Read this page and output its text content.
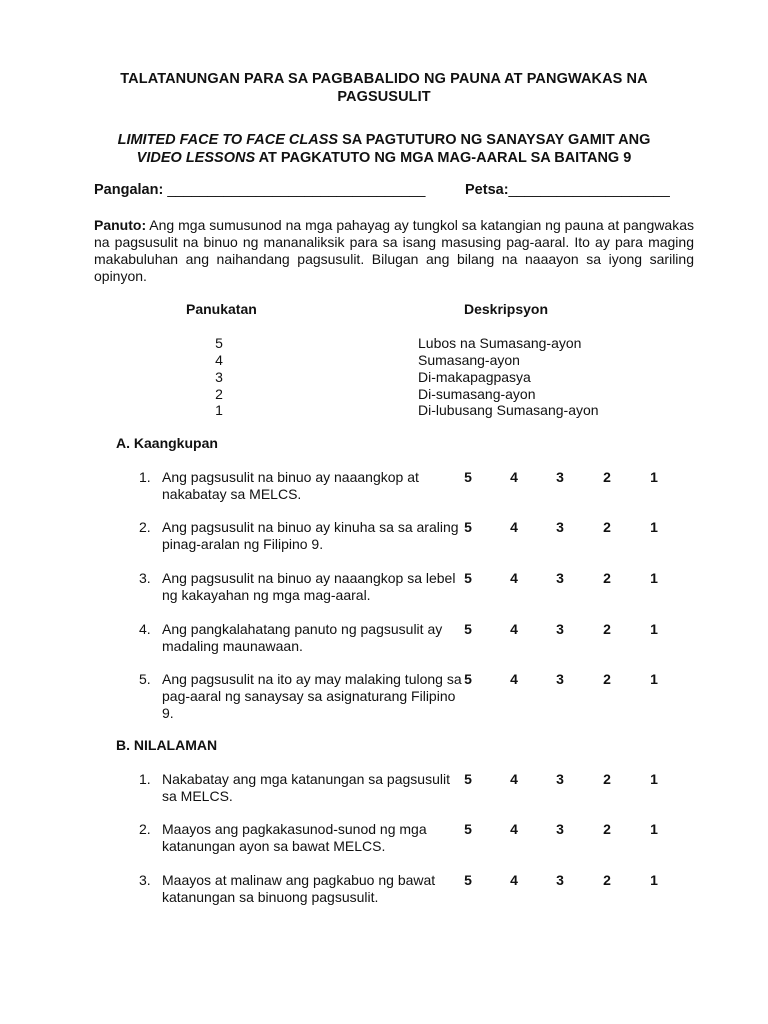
TALATANUNGAN PARA SA PAGBABALIDO NG PAUNA AT PANGWAKAS NA PAGSUSULIT
LIMITED FACE TO FACE CLASS SA PAGTUTURO NG SANAYSAY GAMIT ANG
VIDEO LESSONS AT PAGKATUTO NG MGA MAG-AARAL SA BAITANG 9
Pangalan: ________________________________	Petsa:____________________
Panuto: Ang mga sumusunod na mga pahayag ay tungkol sa katangian ng pauna at pangwakas na pagsusulit na binuo ng mananaliksik para sa isang masusing pag-aaral. Ito ay para maging makabuluhan ang naihandang pagsusulit. Bilugan ang bilang na naaayon sa iyong sariling opinyon.
Panukatan	Deskripsyon
5	Lubos na Sumasang-ayon
4	Sumasang-ayon
3	Di-makapagpasya
2	Di-sumasang-ayon
1	Di-lubusang Sumasang-ayon
A. Kaangkupan
1. Ang pagsusulit na binuo ay naaangkop at nakabatay sa MELCS.
5	4	3	2	1
2. Ang pagsusulit na binuo ay kinuha sa sa araling pinag-aralan ng Filipino 9.
5	4	3	2	1
3. Ang pagsusulit na binuo ay naaangkop sa lebel ng kakayahan ng mga mag-aaral.
5	4	3	2	1
4. Ang pangkalahatang panuto ng pagsusulit ay madaling maunawaan.
5	4	3	2	1
5. Ang pagsusulit na ito ay may malaking tulong sa pag-aaral ng sanaysay sa asignaturang Filipino 9.
5	4	3	2	1
B. NILALAMAN
1. Nakabatay ang mga katanungan sa pagsusulit sa MELCS.
5	4	3	2	1
2. Maayos ang pagkakasunod-sunod ng mga katanungan ayon sa bawat MELCS.
5	4	3	2	1
3. Maayos at malinaw ang pagkabuo ng bawat katanungan sa binuong pagsusulit.
5	4	3	2	1
